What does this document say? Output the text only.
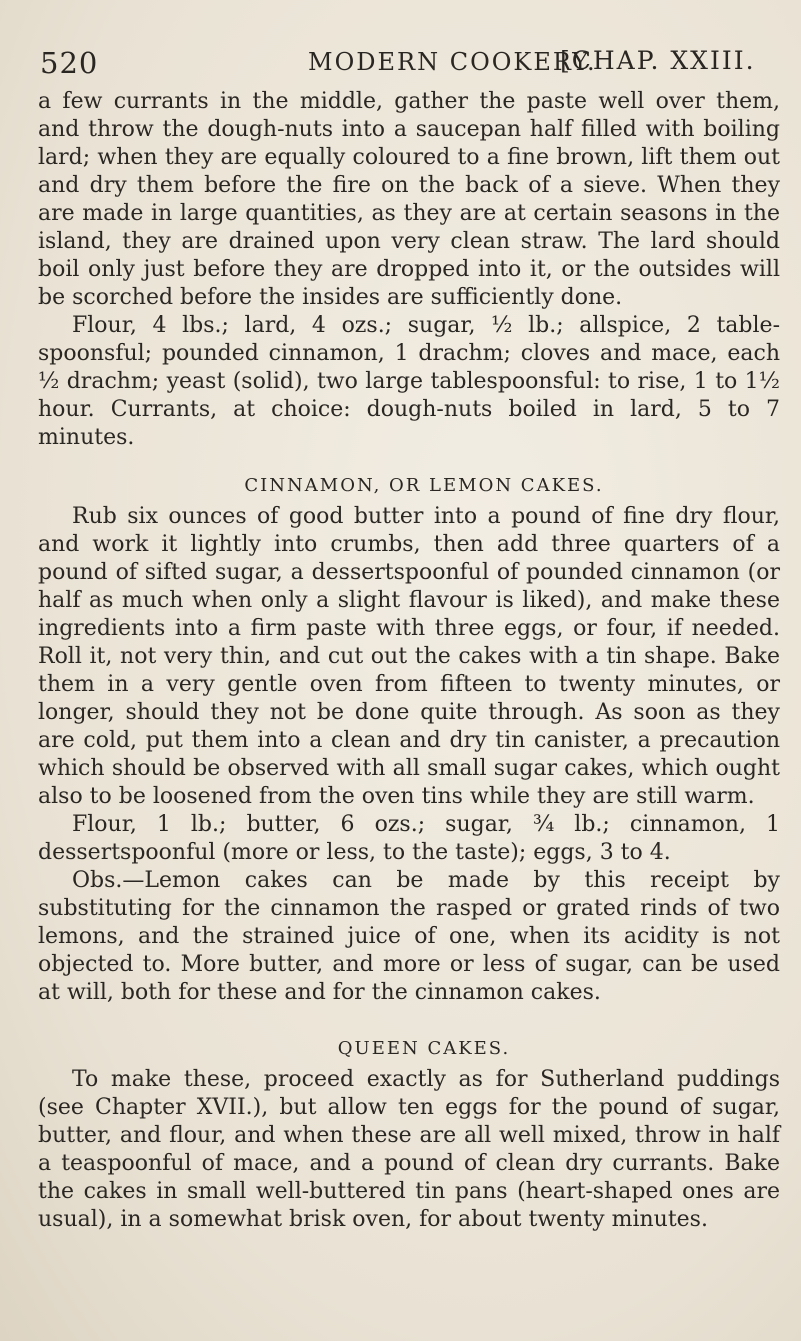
520	MODERN COOKERY.
[CHAP. XXIII.

a few currants in the middle, gather the paste well over them, and throw the dough-nuts into a saucepan half filled with boiling lard; when they are equally coloured to a fine brown, lift them out and dry them before the fire on the back of a sieve. When they are made in large quantities, as they are at certain seasons in the island, they are drained upon very clean straw. The lard should boil only just before they are dropped into it, or the outsides will be scorched before the insides are sufficiently done.

Flour, 4 lbs.; lard, 4 ozs.; sugar, ½ lb.; allspice, 2 table-spoonsful; pounded cinnamon, 1 drachm; cloves and mace, each ½ drachm; yeast (solid), two large tablespoonsful: to rise, 1 to 1½ hour. Currants, at choice: dough-nuts boiled in lard, 5 to 7 minutes.

CINNAMON, OR LEMON CAKES.

Rub six ounces of good butter into a pound of fine dry flour, and work it lightly into crumbs, then add three quarters of a pound of sifted sugar, a dessertspoonful of pounded cinnamon (or half as much when only a slight flavour is liked), and make these ingredients into a firm paste with three eggs, or four, if needed. Roll it, not very thin, and cut out the cakes with a tin shape. Bake them in a very gentle oven from fifteen to twenty minutes, or longer, should they not be done quite through. As soon as they are cold, put them into a clean and dry tin canister, a precaution which should be observed with all small sugar cakes, which ought also to be loosened from the oven tins while they are still warm.

Flour, 1 lb.; butter, 6 ozs.; sugar, ¾ lb.; cinnamon, 1 dessertspoonful (more or less, to the taste); eggs, 3 to 4.

Obs.—Lemon cakes can be made by this receipt by substituting for the cinnamon the rasped or grated rinds of two lemons, and the strained juice of one, when its acidity is not objected to. More butter, and more or less of sugar, can be used at will, both for these and for the cinnamon cakes.

QUEEN CAKES.

To make these, proceed exactly as for Sutherland puddings (see Chapter XVII.), but allow ten eggs for the pound of sugar, butter, and flour, and when these are all well mixed, throw in half a teaspoonful of mace, and a pound of clean dry currants. Bake the cakes in small well-buttered tin pans (heart-shaped ones are usual), in a somewhat brisk oven, for about twenty minutes.
